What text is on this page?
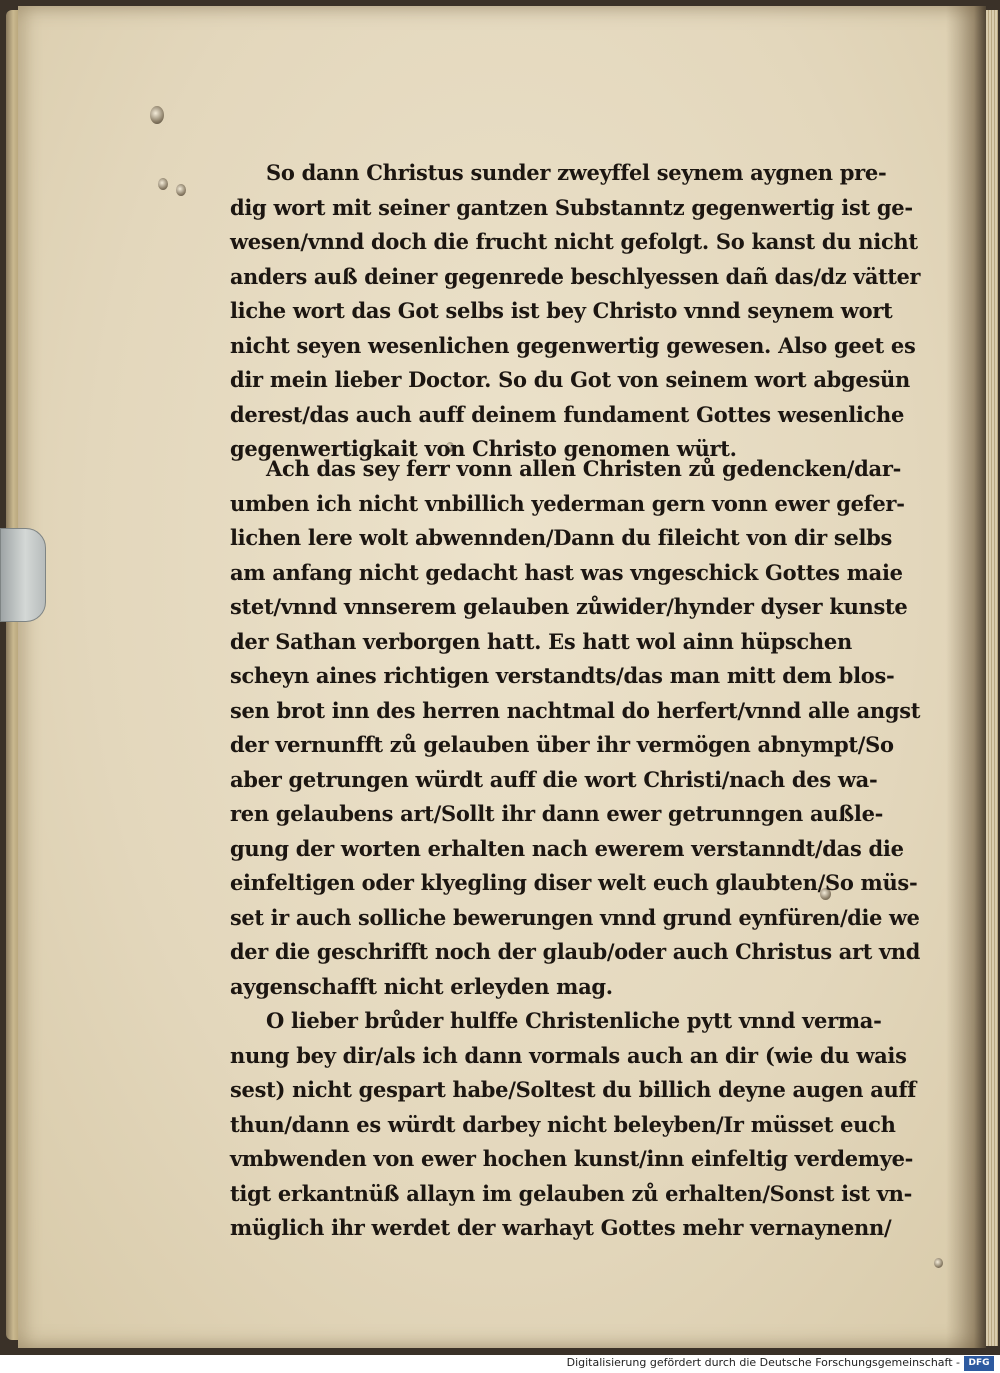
So dann Christus sunder zweyffel seynem aygnen pre-
dig wort mit seiner gantzen Substanntz gegenwertig ist ge-
wesen/vnnd doch die frucht nicht gefolgt. So kanst du nicht
anders auß deiner gegenrede beschlyessen dañ das/dz vätter
liche wort das Got selbs ist bey Christo vnnd seynem wort
nicht seyen wesenlichen gegenwertig gewesen. Also geet es
dir mein lieber Doctor. So du Got von seinem wort abgesün
derest/das auch auff deinem fundament Gottes wesenliche
gegenwertigkait von Christo genomen würt.
Ach das sey ferr vonn allen Christen zů gedencken/dar-
umben ich nicht vnbillich yederman gern vonn ewer gefer-
lichen lere wolt abwennden/Dann du fileicht von dir selbs
am anfang nicht gedacht hast was vngeschick Gottes maie
stet/vnnd vnnserem gelauben zůwider/hynder dyser kunste
der Sathan verborgen hatt. Es hatt wol ainn hüpschen
scheyn aines richtigen verstandts/das man mitt dem blos-
sen brot inn des herren nachtmal do herfert/vnnd alle angst
der vernunfft zů gelauben über ihr vermögen abnympt/So
aber getrungen würdt auff die wort Christi/nach des wa-
ren gelaubens art/Sollt ihr dann ewer getrunngen außle-
gung der worten erhalten nach ewerem verstanndt/das die
einfeltigen oder klyegling diser welt euch glaubten/So müs-
set ir auch solliche bewerungen vnnd grund eynfüren/die we
der die geschrifft noch der glaub/oder auch Christus art vnd
aygenschafft nicht erleyden mag.
O lieber brůder hulffe Christenliche pytt vnnd verma-
nung bey dir/als ich dann vormals auch an dir (wie du wais
sest) nicht gespart habe/Soltest du billich deyne augen auff
thun/dann es würdt darbey nicht beleyben/Ir müsset euch
vmbwenden von ewer hochen kunst/inn einfeltig verdemye-
tigt erkantnüß allayn im gelauben zů erhalten/Sonst ist vn-
müglich ihr werdet der warhayt Gottes mehr vernaynenn/
Digitalisierung gefördert durch die Deutsche Forschungsgemeinschaft - DFG
